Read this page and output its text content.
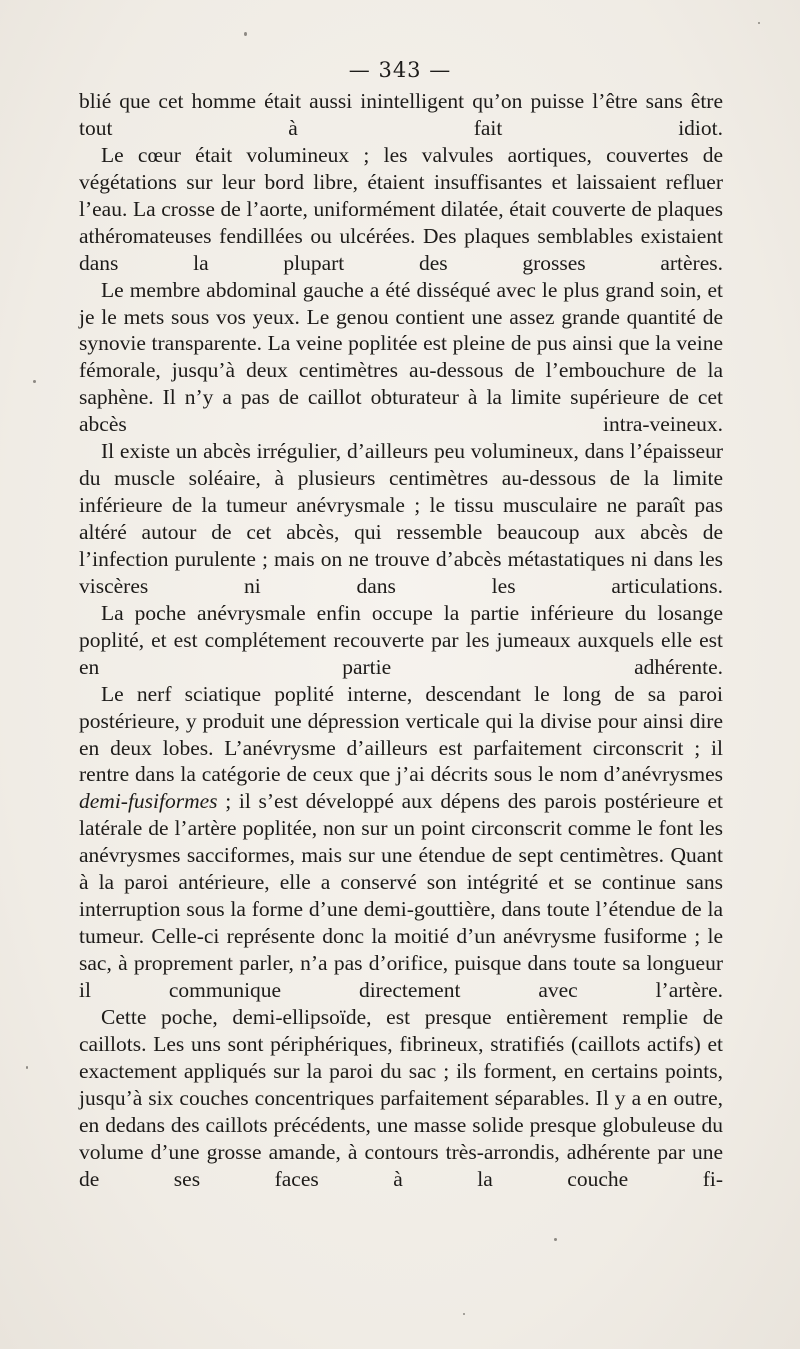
— 343 —

blié que cet homme était aussi inintelligent qu’on puisse l’être sans être tout à fait idiot.

Le cœur était volumineux ; les valvules aortiques, couvertes de végétations sur leur bord libre, étaient insuffisantes et laissaient refluer l’eau. La crosse de l’aorte, uniformément dilatée, était couverte de plaques athéromateuses fendillées ou ulcérées. Des plaques semblables existaient dans la plupart des grosses artères.

Le membre abdominal gauche a été disséqué avec le plus grand soin, et je le mets sous vos yeux. Le genou contient une assez grande quantité de synovie transparente. La veine poplitée est pleine de pus ainsi que la veine fémorale, jusqu’à deux centimètres au-dessous de l’embouchure de la saphène. Il n’y a pas de caillot obturateur à la limite supérieure de cet abcès intra-veineux.

Il existe un abcès irrégulier, d’ailleurs peu volumineux, dans l’épaisseur du muscle soléaire, à plusieurs centimètres au-dessous de la limite inférieure de la tumeur anévrysmale ; le tissu musculaire ne paraît pas altéré autour de cet abcès, qui ressemble beaucoup aux abcès de l’infection purulente ; mais on ne trouve d’abcès métastatiques ni dans les viscères ni dans les articulations.

La poche anévrysmale enfin occupe la partie inférieure du losange poplité, et est complétement recouverte par les jumeaux auxquels elle est en partie adhérente.

Le nerf sciatique poplité interne, descendant le long de sa paroi postérieure, y produit une dépression verticale qui la divise pour ainsi dire en deux lobes. L’anévrysme d’ailleurs est parfaitement circonscrit ; il rentre dans la catégorie de ceux que j’ai décrits sous le nom d’anévrysmes demi-fusiformes ; il s’est développé aux dépens des parois postérieure et latérale de l’artère poplitée, non sur un point circonscrit comme le font les anévrysmes sacciformes, mais sur une étendue de sept centimètres. Quant à la paroi antérieure, elle a conservé son intégrité et se continue sans interruption sous la forme d’une demi-gouttière, dans toute l’étendue de la tumeur. Celle-ci représente donc la moitié d’un anévrysme fusiforme ; le sac, à proprement parler, n’a pas d’orifice, puisque dans toute sa longueur il communique directement avec l’artère.

Cette poche, demi-ellipsoïde, est presque entièrement remplie de caillots. Les uns sont périphériques, fibrineux, stratifiés (caillots actifs) et exactement appliqués sur la paroi du sac ; ils forment, en certains points, jusqu’à six couches concentriques parfaitement séparables. Il y a en outre, en dedans des caillots précédents, une masse solide presque globuleuse du volume d’une grosse amande, à contours très-arrondis, adhérente par une de ses faces à la couche fi-
